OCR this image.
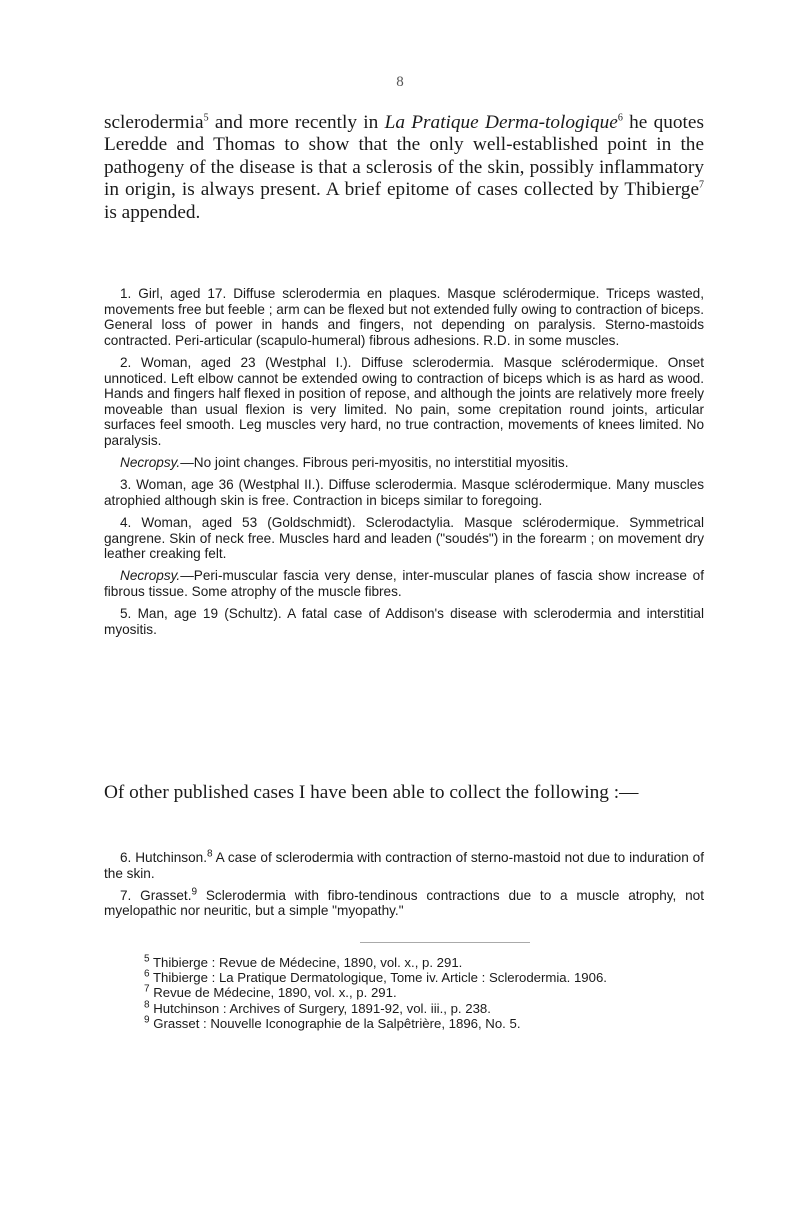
8
sclerodermia$^5$ and more recently in La Pratique Derma-tologique$^6$ he quotes Leredde and Thomas to show that the only well-established point in the pathogeny of the disease is that a sclerosis of the skin, possibly inflammatory in origin, is always present. A brief epitome of cases collected by Thibierge$^7$ is appended.

1. Girl, aged 17. Diffuse sclerodermia en plaques. Masque sclérodermique. Triceps wasted, movements free but feeble ; arm can be flexed but not extended fully owing to contraction of biceps. General loss of power in hands and fingers, not depending on paralysis. Sterno-mastoids contracted. Peri-articular (scapulo-humeral) fibrous adhesions. R.D. in some muscles.

2. Woman, aged 23 (Westphal I.). Diffuse sclerodermia. Masque sclérodermique. Onset unnoticed. Left elbow cannot be extended owing to contraction of biceps which is as hard as wood. Hands and fingers half flexed in position of repose, and although the joints are relatively more freely moveable than usual flexion is very limited. No pain, some crepitation round joints, articular surfaces feel smooth. Leg muscles very hard, no true contraction, movements of knees limited. No paralysis.

Necropsy.—No joint changes. Fibrous peri-myositis, no interstitial myositis.

3. Woman, age 36 (Westphal II.). Diffuse sclerodermia. Masque sclérodermique. Many muscles atrophied although skin is free. Contraction in biceps similar to foregoing.

4. Woman, aged 53 (Goldschmidt). Sclerodactylia. Masque sclérodermique. Symmetrical gangrene. Skin of neck free. Muscles hard and leaden ("soudés") in the forearm ; on movement dry leather creaking felt.

Necropsy.—Peri-muscular fascia very dense, inter-muscular planes of fascia show increase of fibrous tissue. Some atrophy of the muscle fibres.

5. Man, age 19 (Schultz). A fatal case of Addison's disease with sclerodermia and interstitial myositis.

Of other published cases I have been able to collect the following :—

6. Hutchinson.$^8$ A case of sclerodermia with contraction of sterno-mastoid not due to induration of the skin.

7. Grasset.$^9$ Sclerodermia with fibro-tendinous contractions due to a muscle atrophy, not myelopathic nor neuritic, but a simple "myopathy."

$^5$ Thibierge : Revue de Médecine, 1890, vol. x., p. 291.

$^6$ Thibierge : La Pratique Dermatologique, Tome iv. Article : Sclerodermia. 1906.

$^7$ Revue de Médecine, 1890, vol. x., p. 291.

$^8$ Hutchinson : Archives of Surgery, 1891-92, vol. iii., p. 238.

$^9$ Grasset : Nouvelle Iconographie de la Salpêtrière, 1896, No. 5.
